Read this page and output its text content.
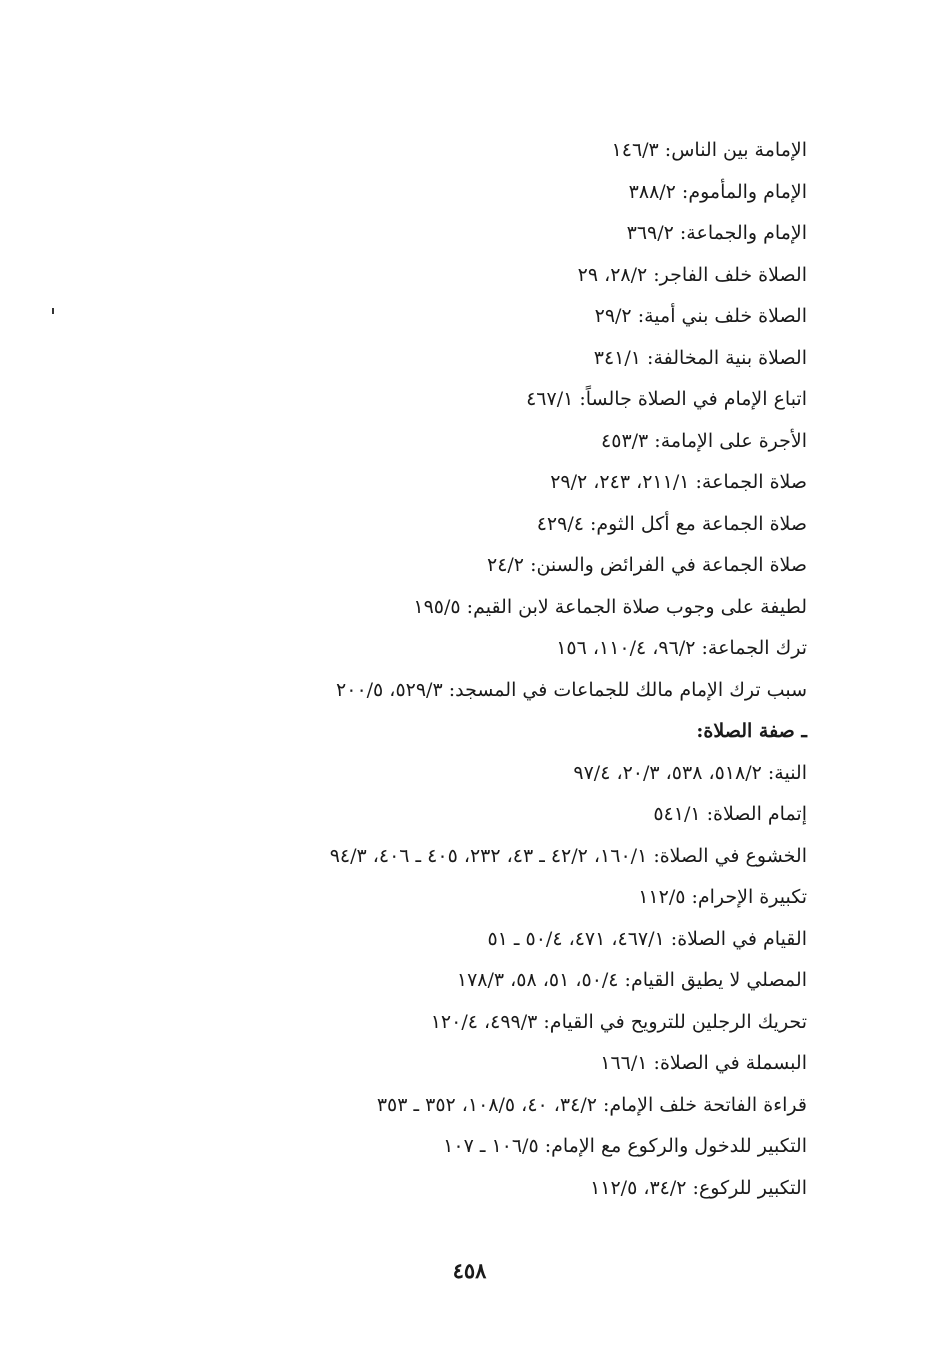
الإمامة بين الناس: ١٤٦/٣
الإمام والمأموم: ٣٨٨/٢
الإمام والجماعة: ٣٦٩/٢
الصلاة خلف الفاجر: ٢٨/٢، ٢٩
الصلاة خلف بني أمية: ٢٩/٢
الصلاة بنية المخالفة: ٣٤١/١
اتباع الإمام في الصلاة جالساً: ٤٦٧/١
الأجرة على الإمامة: ٤٥٣/٣
صلاة الجماعة: ٢١١/١، ٢٤٣، ٢٩/٢
صلاة الجماعة مع أكل الثوم: ٤٢٩/٤
صلاة الجماعة في الفرائض والسنن: ٢٤/٢
لطيفة على وجوب صلاة الجماعة لابن القيم: ١٩٥/٥
ترك الجماعة: ٩٦/٢، ١١٠/٤، ١٥٦
سبب ترك الإمام مالك للجماعات في المسجد: ٥٢٩/٣، ٢٠٠/٥
ـ صفة الصلاة:
النية: ٥١٨/٢، ٥٣٨، ٢٠/٣، ٩٧/٤
إتمام الصلاة: ٥٤١/١
الخشوع في الصلاة: ١٦٠/١، ٤٢/٢ ـ ٤٣، ٢٣٢، ٤٠٥ ـ ٤٠٦، ٩٤/٣
تكبيرة الإحرام: ١١٢/٥
القيام في الصلاة: ٤٦٧/١، ٤٧١، ٥٠/٤ ـ ٥١
المصلي لا يطيق القيام: ٥٠/٤، ٥١، ٥٨، ١٧٨/٣
تحريك الرجلين للترويح في القيام: ٤٩٩/٣، ١٢٠/٤
البسملة في الصلاة: ١٦٦/١
قراءة الفاتحة خلف الإمام: ٣٤/٢، ٤٠، ١٠٨/٥، ٣٥٢ ـ ٣٥٣
التكبير للدخول والركوع مع الإمام: ١٠٦/٥ ـ ١٠٧
التكبير للركوع: ٣٤/٢، ١١٢/٥
٤٥٨
